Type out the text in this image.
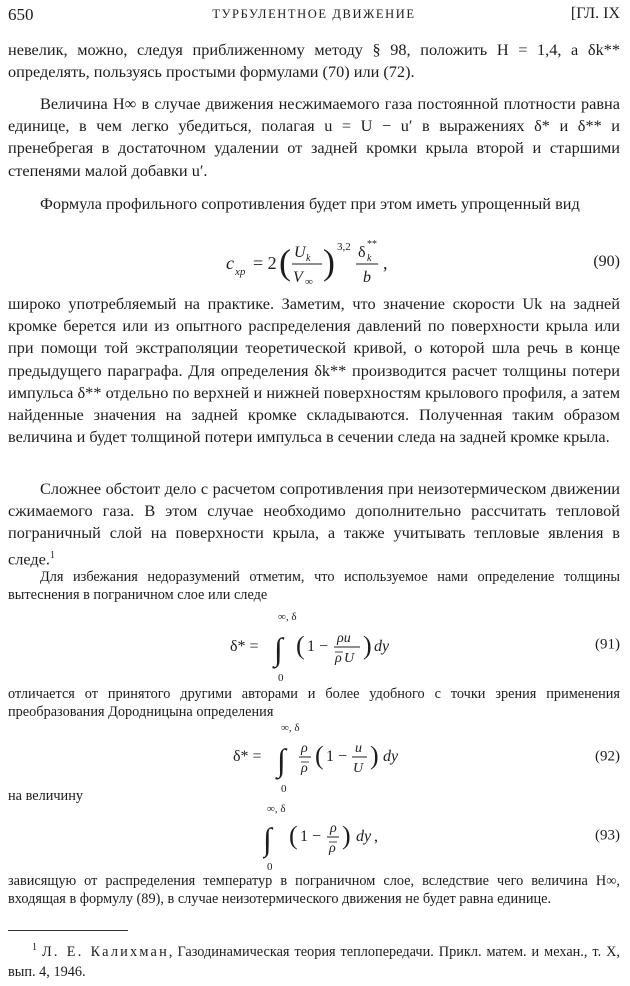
650	ТУРБУЛЕНТНОЕ ДВИЖЕНИЕ	[ГЛ. IX

невелик, можно, следуя приближенному методу § 98, положить H = 1,4, а δk** определять, пользуясь простыми формулами (70) или (72).

Величина H∞ в случае движения несжимаемого газа постоянной плотности равна единице, в чем легко убедиться, полагая u = U − u′ в выражениях δ* и δ** и пренебрегая в достаточном удалении от задней кромки крыла второй и старшими степенями малой добавки u′.

Формула профильного сопротивления будет при этом иметь упрощенный вид

c xp = 2 ( U k
V ∞ ) 3,2 δ **
k
b
,	(90)

широко употребляемый на практике. Заметим, что значение скорости Uk на задней кромке берется или из опытного распределения давлений по поверхности крыла или при помощи той экстраполяции теоретической кривой, о которой шла речь в конце предыдущего параграфа. Для определения δk** производится расчет толщины потери импульса δ** отдельно по верхней и нижней поверхностям крылового профиля, а затем найденные значения на задней кромке складываются. Полученная таким образом величина и будет толщиной потери импульса в сечении следа на задней кромке крыла.

Сложнее обстоит дело с расчетом сопротивления при неизотермическом движении сжимаемого газа. В этом случае необходимо дополнительно рассчитать тепловой пограничный слой на поверхности крыла, а также учитывать тепловые явления в следе.$^1$

Для избежания недоразумений отметим, что используемое нами определение толщины вытеснения в пограничном слое или следе

δ* =
∞, δ
∫
0
( 1 − ρu
ρ U ) dy	(91)

отличается от принятого другими авторами и более удобного с точки зрения применения преобразования Дородницына определения

δ* =
∞, δ
∫
0
ρ
ρ ( 1 − u
U ) dy	(92)

на величину

∞, δ
∫
0
( 1 − ρ
ρ ) dy ,	(93)

зависящую от распределения температур в пограничном слое, вследствие чего величина H∞, входящая в формулу (89), в случае неизотермического движения не будет равна единице.

$^1$ Л. Е. Калихман, Газодинамическая теория теплопередачи. Прикл. матем. и механ., т. X, вып. 4, 1946.
